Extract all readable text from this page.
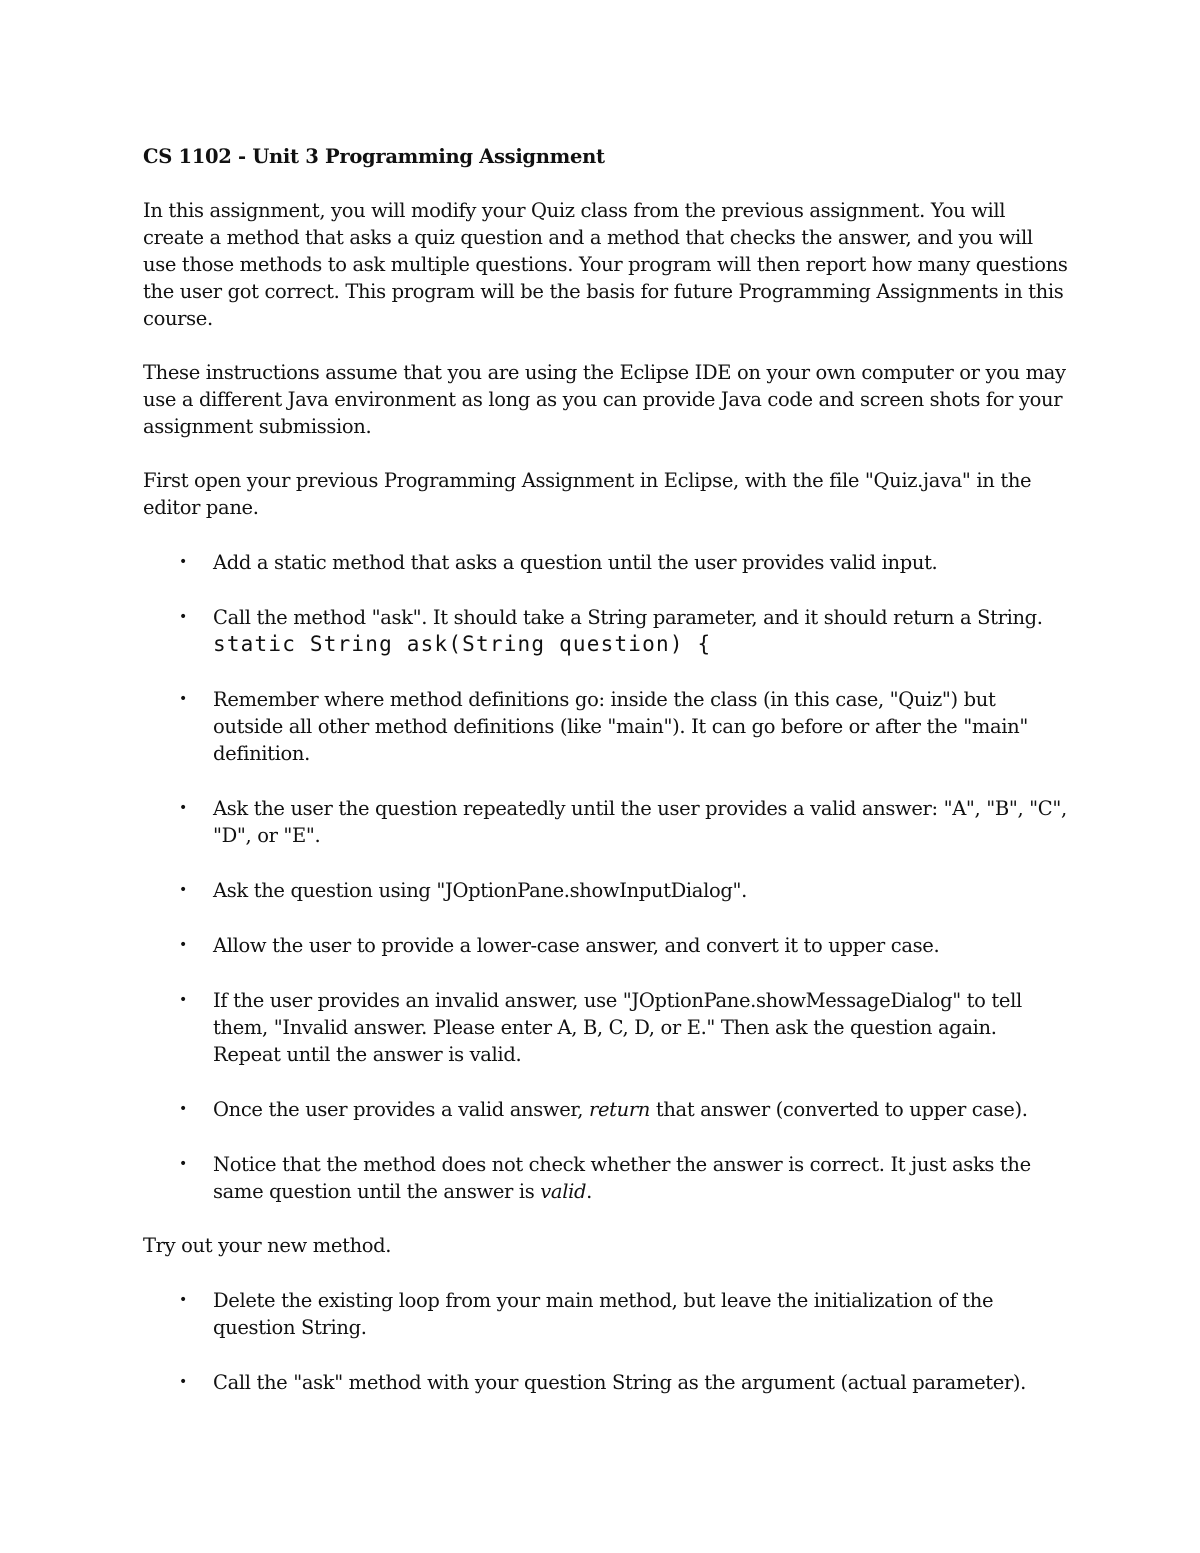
CS 1102 - Unit 3 Programming Assignment

In this assignment, you will modify your Quiz class from the previous assignment. You will create a method that asks a quiz question and a method that checks the answer, and you will use those methods to ask multiple questions. Your program will then report how many questions the user got correct. This program will be the basis for future Programming Assignments in this course.

These instructions assume that you are using the Eclipse IDE on your own computer or you may use a different Java environment as long as you can provide Java code and screen shots for your assignment submission.

First open your previous Programming Assignment in Eclipse, with the file "Quiz.java" in the editor pane.

• Add a static method that asks a question until the user provides valid input.
• Call the method "ask". It should take a String parameter, and it should return a String.
static String ask(String question) {
• Remember where method definitions go: inside the class (in this case, "Quiz") but outside all other method definitions (like "main"). It can go before or after the "main" definition.
• Ask the user the question repeatedly until the user provides a valid answer: "A", "B", "C", "D", or "E".
• Ask the question using "JOptionPane.showInputDialog".
• Allow the user to provide a lower-case answer, and convert it to upper case.
• If the user provides an invalid answer, use "JOptionPane.showMessageDialog" to tell them, "Invalid answer. Please enter A, B, C, D, or E." Then ask the question again. Repeat until the answer is valid.
• Once the user provides a valid answer, return that answer (converted to upper case).
• Notice that the method does not check whether the answer is correct. It just asks the same question until the answer is valid.

Try out your new method.

• Delete the existing loop from your main method, but leave the initialization of the question String.
• Call the "ask" method with your question String as the argument (actual parameter).
